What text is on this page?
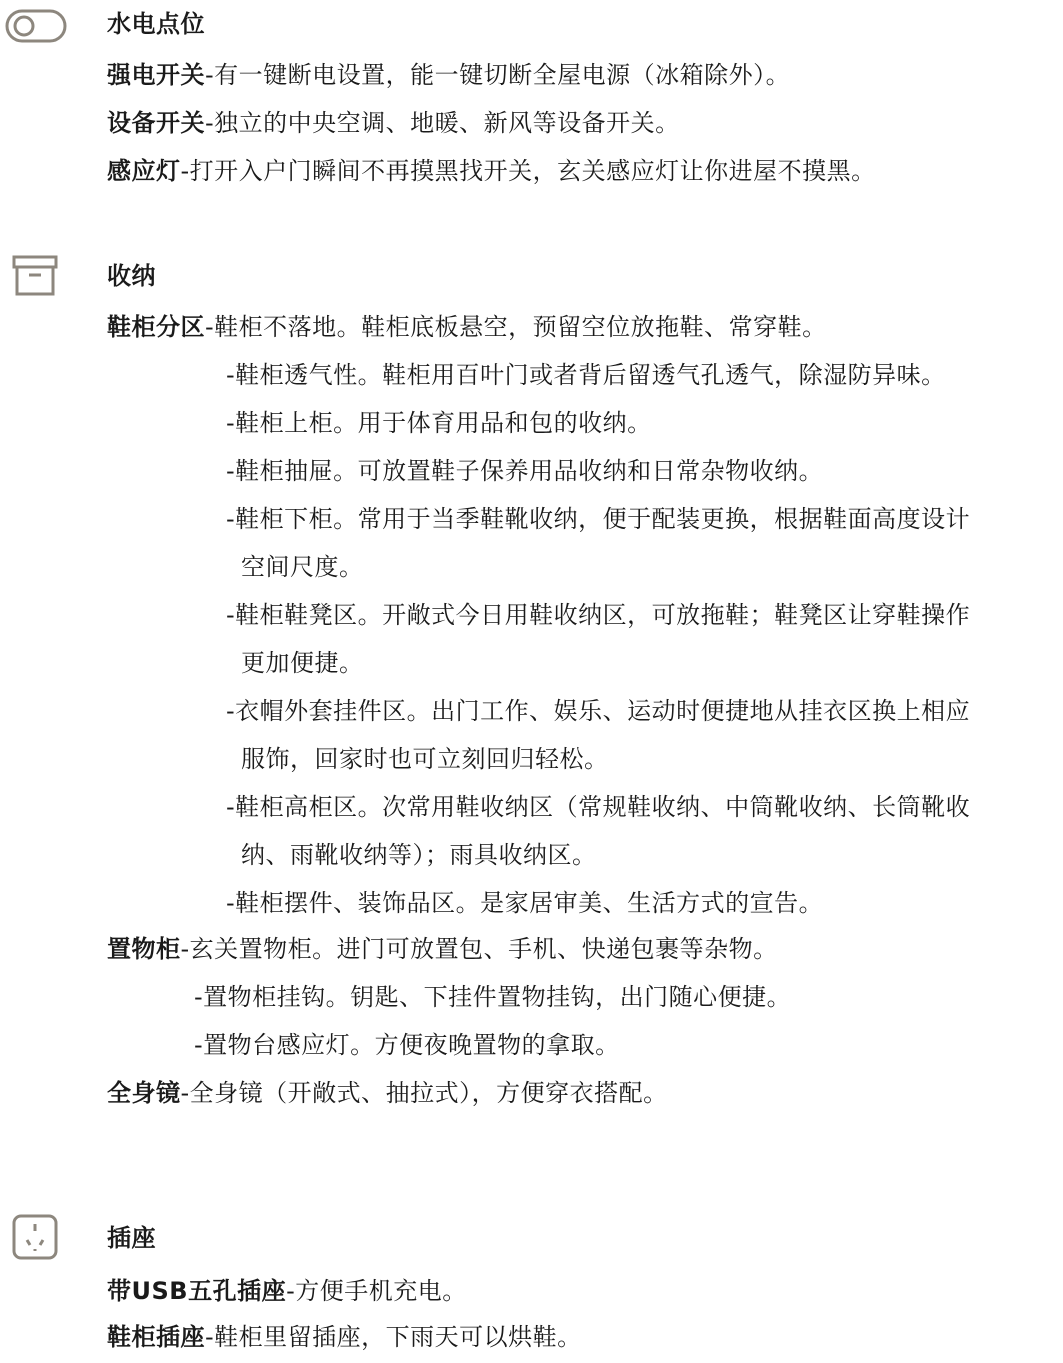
水电点位
强电开关-有一键断电设置，能一键切断全屋电源（冰箱除外）。
设备开关-独立的中央空调、地暖、新风等设备开关。
感应灯-打开入户门瞬间不再摸黑找开关，玄关感应灯让你进屋不摸黑。
收纳
鞋柜分区-鞋柜不落地。鞋柜底板悬空，预留空位放拖鞋、常穿鞋。
-鞋柜透气性。鞋柜用百叶门或者背后留透气孔透气，除湿防异味。
-鞋柜上柜。用于体育用品和包的收纳。
-鞋柜抽屉。可放置鞋子保养用品收纳和日常杂物收纳。
-鞋柜下柜。常用于当季鞋靴收纳，便于配装更换，根据鞋面高度设计
空间尺度。
-鞋柜鞋凳区。开敞式今日用鞋收纳区，可放拖鞋；鞋凳区让穿鞋操作
更加便捷。
-衣帽外套挂件区。出门工作、娱乐、运动时便捷地从挂衣区换上相应
服饰，回家时也可立刻回归轻松。
-鞋柜高柜区。次常用鞋收纳区（常规鞋收纳、中筒靴收纳、长筒靴收
纳、雨靴收纳等）；雨具收纳区。
-鞋柜摆件、装饰品区。是家居审美、生活方式的宣告。
置物柜-玄关置物柜。进门可放置包、手机、快递包裹等杂物。
-置物柜挂钩。钥匙、下挂件置物挂钩，出门随心便捷。
-置物台感应灯。方便夜晚置物的拿取。
全身镜-全身镜（开敞式、抽拉式），方便穿衣搭配。
插座
带USB五孔插座-方便手机充电。
鞋柜插座-鞋柜里留插座，下雨天可以烘鞋。
